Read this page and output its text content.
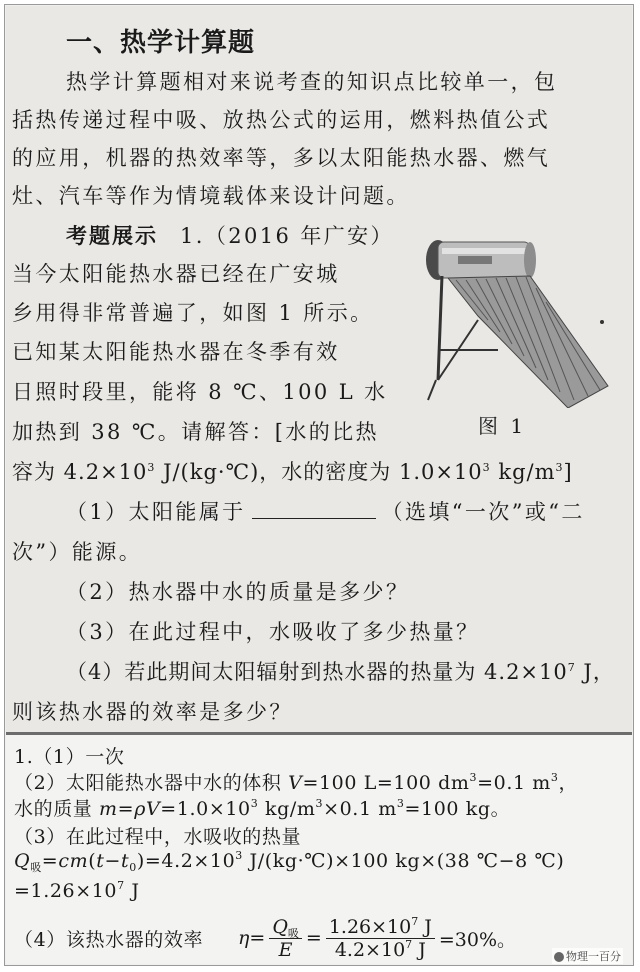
一、热学计算题
热学计算题相对来说考查的知识点比较单一，包
括热传递过程中吸、放热公式的运用，燃料热值公式
的应用，机器的热效率等，多以太阳能热水器、燃气
灶、汽车等作为情境载体来设计问题。
考题展示 1.（2016 年广安）
当今太阳能热水器已经在广安城
乡用得非常普遍了，如图 1 所示。
已知某太阳能热水器在冬季有效
日照时段里，能将 8 ℃、100 L 水
加热到 38 ℃。请解答：[水的比热
容为 $4.2\times 10^3$ J/(kg·℃)，水的密度为 $1.0\times 10^3$ $kg/m^3$]
图 1
（1）太阳能属于	（选填“一次”或“二
次”）能源。
（2）热水器中水的质量是多少？
（3）在此过程中，水吸收了多少热量？
（4）若此期间太阳辐射到热水器的热量为 $4.2\times 10^7$ J，
则该热水器的效率是多少？
1.（1）一次
（2）太阳能热水器中水的体积 V=100 L=100 $dm^3=0.1$ $m^3$，
水的质量 $m=\rho V=1.0\times 10^3$ $kg/m^3\times 0.1$ $m^3=100$ kg。
（3）在此过程中，水吸收的热量
$Q_吸=cm(t-t_0)=4.2\times 10^3$ J/(kg·℃)×100 kg×(38 ℃−8 ℃)
$=1.26\times 10^7$ J
（4）该热水器的效率 $\eta = \frac{Q_吸}{E} = \frac{1.26\times 10^7 J}{4.2\times 10^7 J} =30\%$。
物理一百分
